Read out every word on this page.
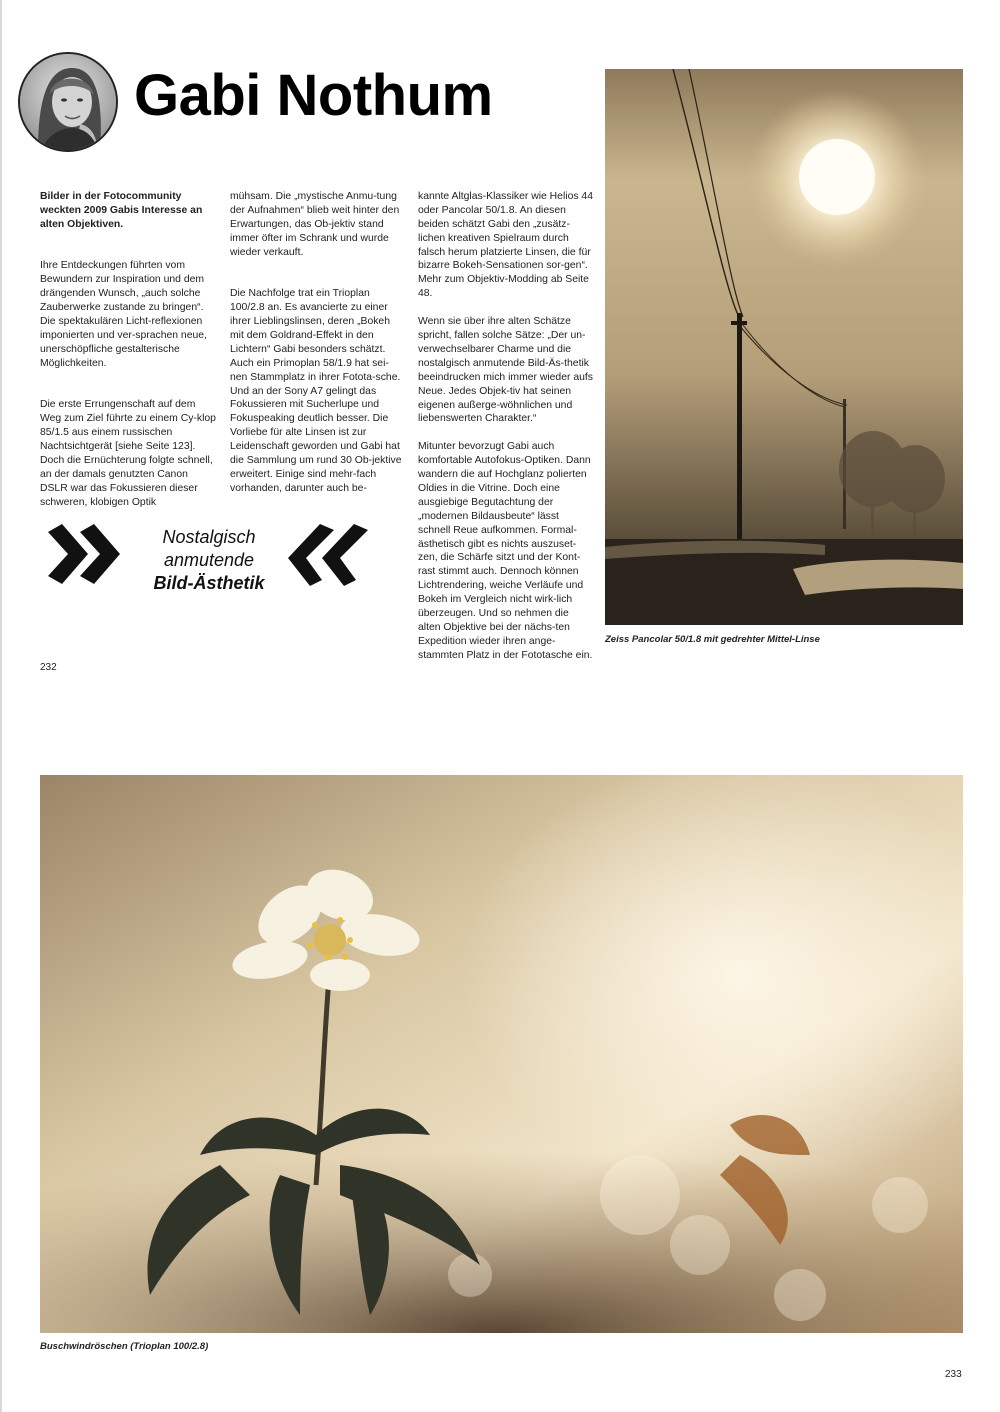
Gabi Nothum

Bilder in der Fotocommunity weckten 2009 Gabis Interesse an alten Objektiven.

Ihre Entdeckungen führten vom Bewundern zur Inspiration und dem drängenden Wunsch, „auch solche Zauberwerke zustande zu bringen“. Die spektakulären Licht-reflexionen imponierten und ver-sprachen neue, unerschöpfliche gestalterische Möglichkeiten.

Die erste Errungenschaft auf dem Weg zum Ziel führte zu einem Cy-klop 85/1.5 aus einem russischen Nachtsichtgerät [siehe Seite 123]. Doch die Ernüchterung folgte schnell, an der damals genutzten Canon DSLR war das Fokussieren dieser schweren, klobigen Optik

mühsam. Die „mystische Anmu-tung der Aufnahmen“ blieb weit hinter den Erwartungen, das Ob-jektiv stand immer öfter im Schrank und wurde wieder verkauft.

Die Nachfolge trat ein Trioplan 100/2.8 an. Es avancierte zu einer ihrer Lieblingslinsen, deren „Bokeh mit dem Goldrand-Effekt in den Lichtern“ Gabi besonders schätzt. Auch ein Primoplan 58/1.9 hat sei-nen Stammplatz in ihrer Fotota-sche. Und an der Sony A7 gelingt das Fokussieren mit Sucherlupe und Fokuspeaking deutlich besser. Die Vorliebe für alte Linsen ist zur Leidenschaft geworden und Gabi hat die Sammlung um rund 30 Ob-jektive erweitert. Einige sind mehr-fach vorhanden, darunter auch be-

kannte Altglas-Klassiker wie Helios 44 oder Pancolar 50/1.8. An diesen beiden schätzt Gabi den „zusätz-lichen kreativen Spielraum durch falsch herum platzierte Linsen, die für bizarre Bokeh-Sensationen sor-gen“. Mehr zum Objektiv-Modding ab Seite 48.

Wenn sie über ihre alten Schätze spricht, fallen solche Sätze: „Der un-verwechselbarer Charme und die nostalgisch anmutende Bild-Äs-thetik beeindrucken mich immer wieder aufs Neue. Jedes Objek-tiv hat seinen eigenen außerge-wöhnlichen und liebenswerten Charakter.“

Mitunter bevorzugt Gabi auch komfortable Autofokus-Optiken. Dann wandern die auf Hochglanz polierten Oldies in die Vitrine. Doch eine ausgiebige Begutachtung der „modernen Bildausbeute“ lässt schnell Reue aufkommen. Formal-ästhetisch gibt es nichts auszuset-zen, die Schärfe sitzt und der Kont-rast stimmt auch. Dennoch können Lichtrendering, weiche Verläufe und Bokeh im Vergleich nicht wirk-lich überzeugen. Und so nehmen die alten Objektive bei der nächs-ten Expedition wieder ihren ange-stammten Platz in der Fototasche ein.

Nostalgisch
anmutende
Bild-Ästhetik
Zeiss Pancolar 50/1.8 mit gedrehter Mittel-Linse
232
Buschwindröschen (Trioplan 100/2.8)
233
